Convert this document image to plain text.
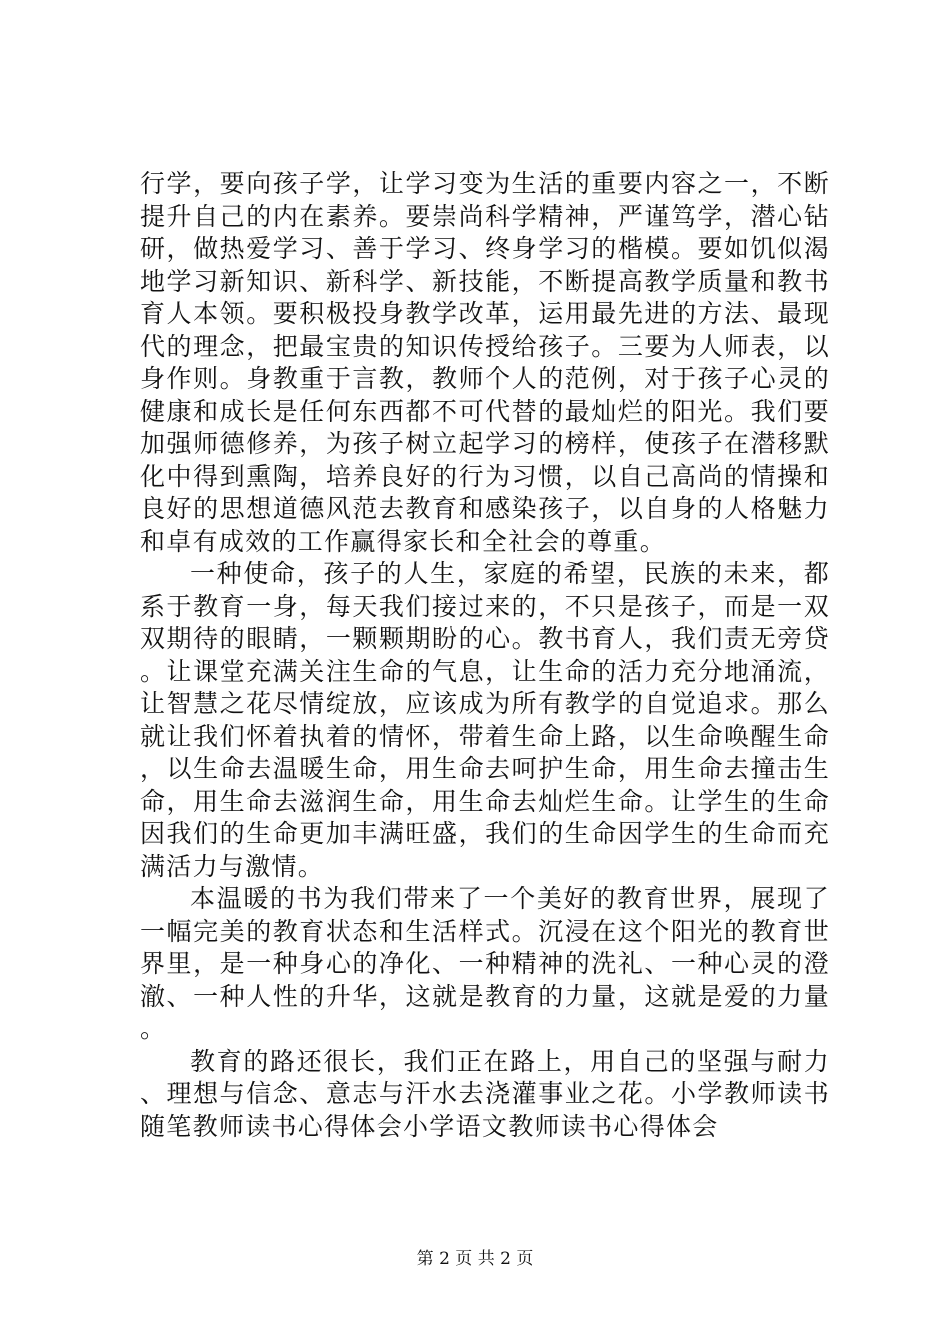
行学，要向孩子学，让学习变为生活的重要内容之一，不断提升自己的内在素养。要崇尚科学精神，严谨笃学，潜心钻研，做热爱学习、善于学习、终身学习的楷模。要如饥似渴地学习新知识、新科学、新技能，不断提高教学质量和教书育人本领。要积极投身教学改革，运用最先进的方法、最现代的理念，把最宝贵的知识传授给孩子。三要为人师表，以身作则。身教重于言教，教师个人的范例，对于孩子心灵的健康和成长是任何东西都不可代替的最灿烂的阳光。我们要加强师德修养，为孩子树立起学习的榜样，使孩子在潜移默化中得到熏陶，培养良好的行为习惯，以自己高尚的情操和良好的思想道德风范去教育和感染孩子，以自身的人格魅力和卓有成效的工作赢得家长和全社会的尊重。

一种使命，孩子的人生，家庭的希望，民族的未来，都系于教育一身，每天我们接过来的，不只是孩子，而是一双双期待的眼睛，一颗颗期盼的心。教书育人，我们责无旁贷。让课堂充满关注生命的气息，让生命的活力充分地涌流，让智慧之花尽情绽放，应该成为所有教学的自觉追求。那么就让我们怀着执着的情怀，带着生命上路，以生命唤醒生命，以生命去温暖生命，用生命去呵护生命，用生命去撞击生命，用生命去滋润生命，用生命去灿烂生命。让学生的生命因我们的生命更加丰满旺盛，我们的生命因学生的生命而充满活力与激情。

本温暖的书为我们带来了一个美好的教育世界，展现了一幅完美的教育状态和生活样式。沉浸在这个阳光的教育世界里，是一种身心的净化、一种精神的洗礼、一种心灵的澄澈、一种人性的升华，这就是教育的力量，这就是爱的力量。

教育的路还很长，我们正在路上，用自己的坚强与耐力、理想与信念、意志与汗水去浇灌事业之花。小学教师读书随笔教师读书心得体会小学语文教师读书心得体会

第 2 页 共 2 页
